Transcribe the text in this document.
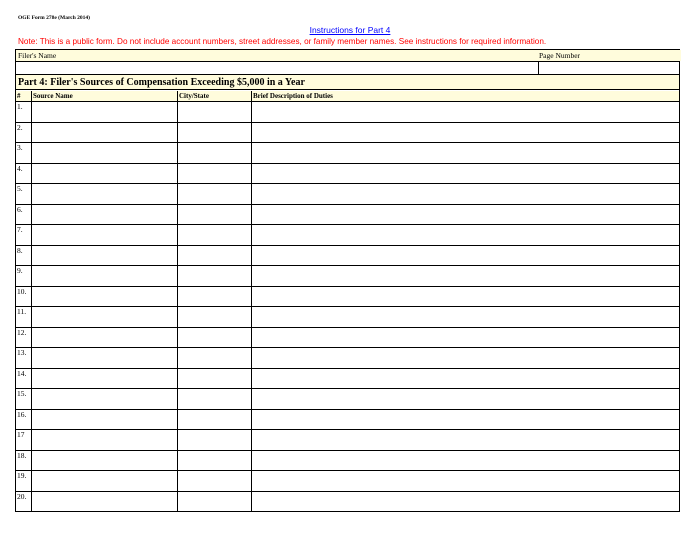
OGE Form 278e (March 2014)
Instructions for Part 4
Note: This is a public form. Do not include account numbers, street addresses, or family member names. See instructions for required information.
Filer's Name	Page Number
Part 4: Filer's Sources of Compensation Exceeding $5,000 in a Year
#	Source Name	City/State	Brief Description of Duties
1.
2.
3.
4.
5.
6.
7.
8.
9.
10.
11.
12.
13.
14.
15.
16.
17
18.
19.
20.
